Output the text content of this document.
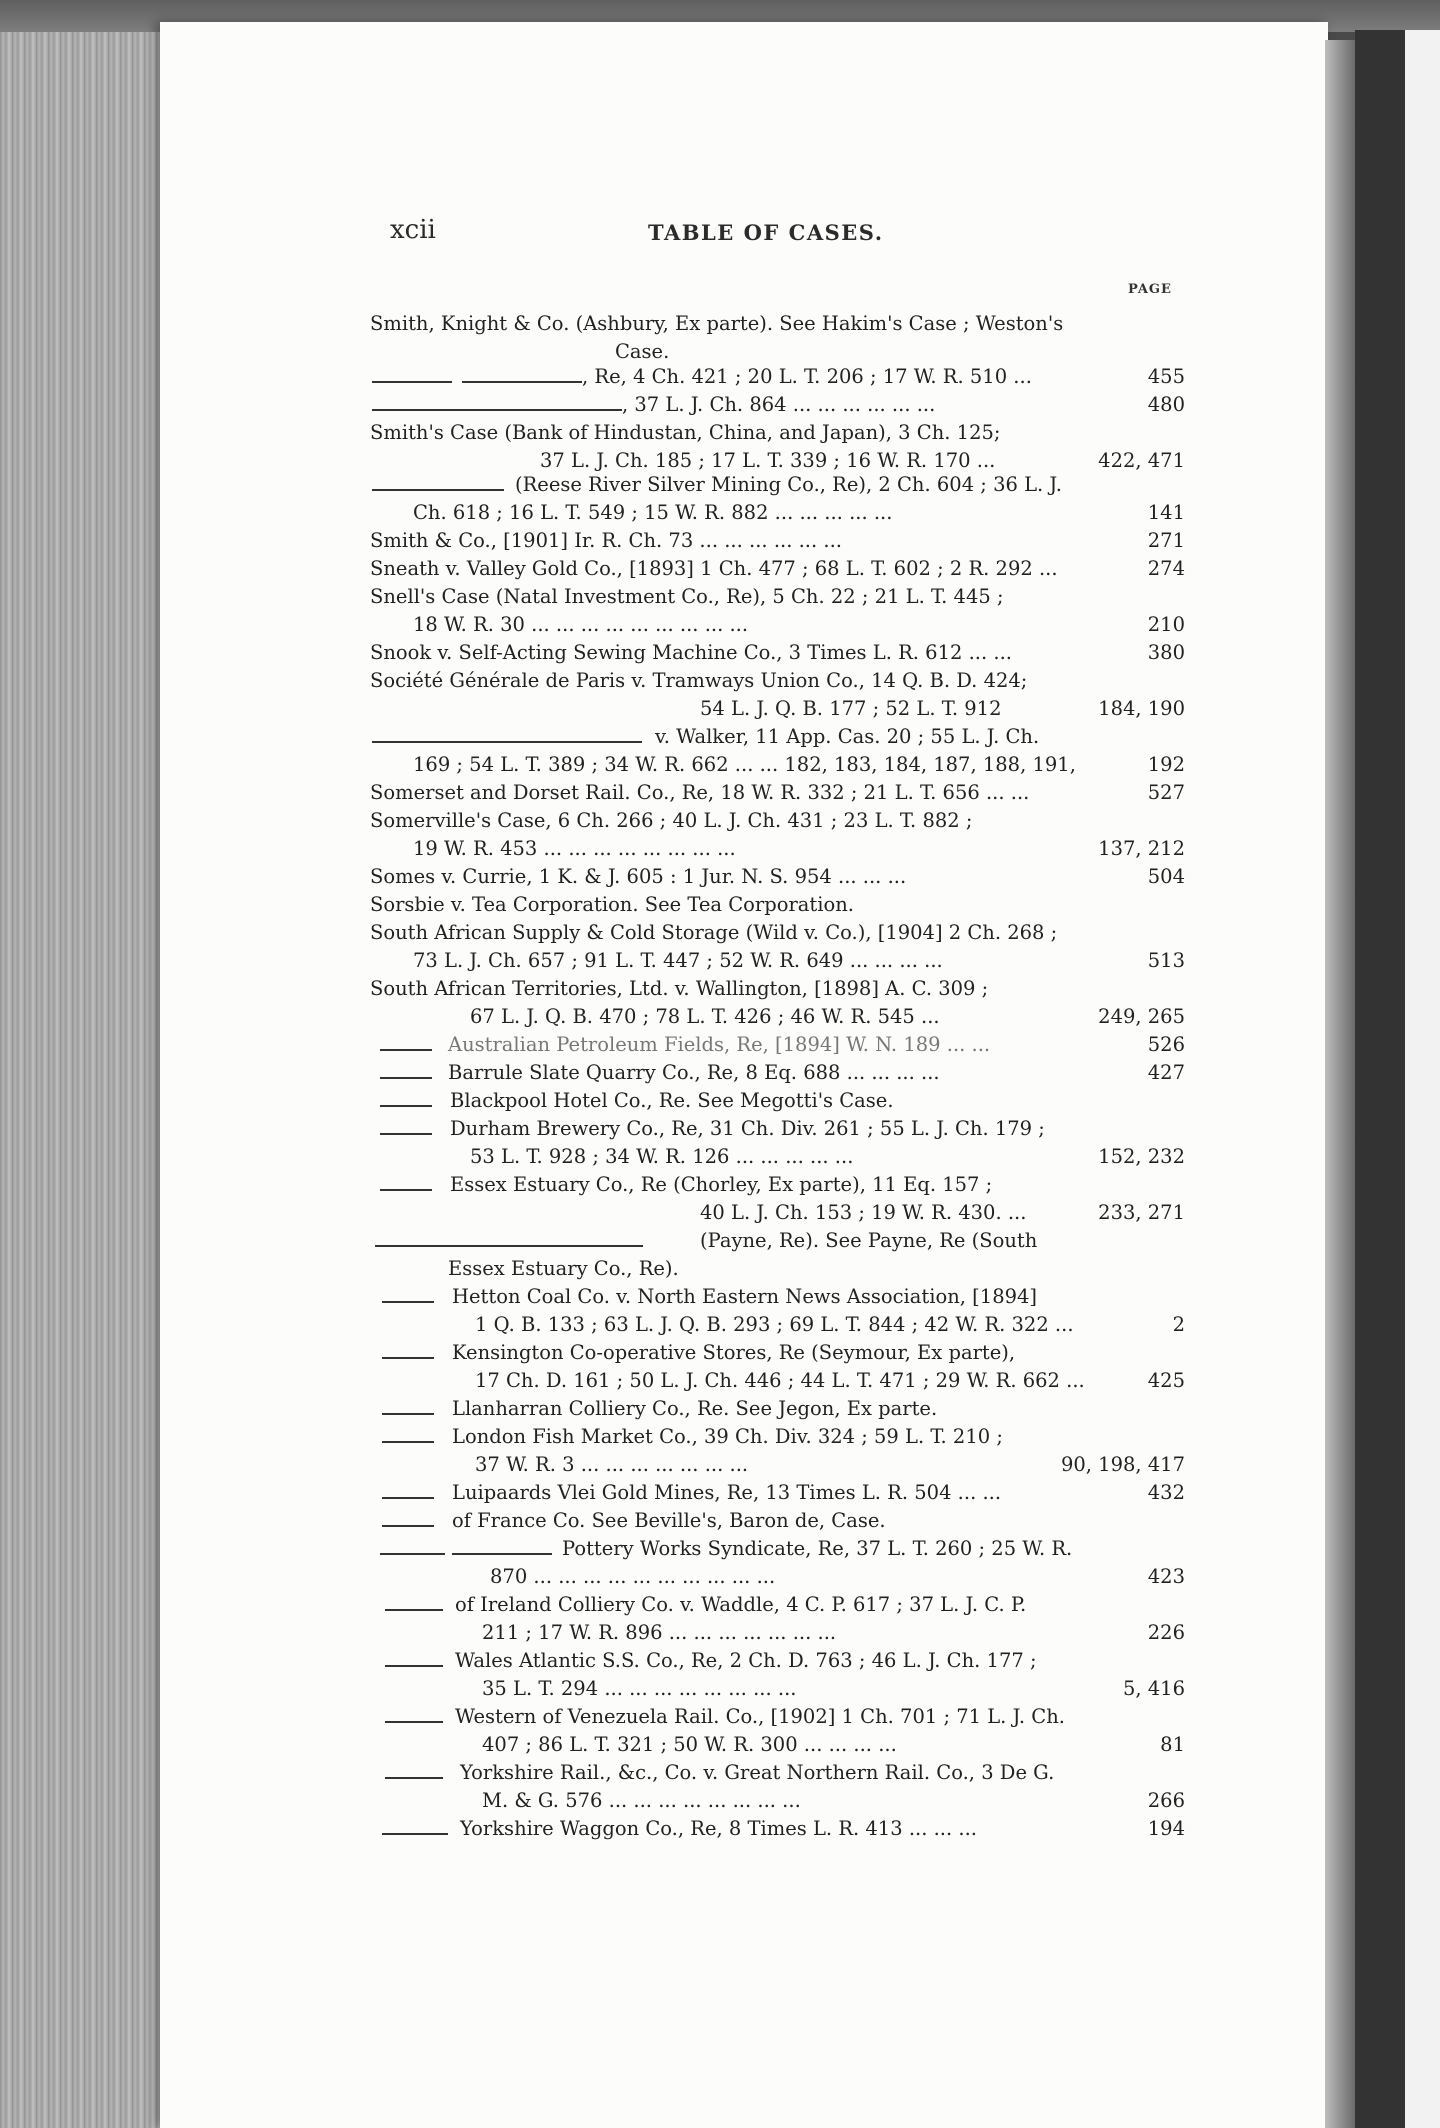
xcii	TABLE OF CASES.
PAGE
Smith, Knight & Co. (Ashbury, Ex parte). See Hakim's Case ; Weston's
Case.
, Re, 4 Ch. 421 ; 20 L. T. 206 ; 17 W. R. 510 ...	455
, 37 L. J. Ch. 864 ... ... ... ... ... ...	480
Smith's Case (Bank of Hindustan, China, and Japan), 3 Ch. 125;
37 L. J. Ch. 185 ; 17 L. T. 339 ; 16 W. R. 170 ...	422, 471
(Reese River Silver Mining Co., Re), 2 Ch. 604 ; 36 L. J.
Ch. 618 ; 16 L. T. 549 ; 15 W. R. 882 ... ... ... ... ...	141
Smith & Co., [1901] Ir. R. Ch. 73 ... ... ... ... ... ...	271
Sneath v. Valley Gold Co., [1893] 1 Ch. 477 ; 68 L. T. 602 ; 2 R. 292 ...	274
Snell's Case (Natal Investment Co., Re), 5 Ch. 22 ; 21 L. T. 445 ;
18 W. R. 30 ... ... ... ... ... ... ... ... ...	210
Snook v. Self-Acting Sewing Machine Co., 3 Times L. R. 612 ... ...	380
Société Générale de Paris v. Tramways Union Co., 14 Q. B. D. 424;
54 L. J. Q. B. 177 ; 52 L. T. 912	184, 190
v. Walker, 11 App. Cas. 20 ; 55 L. J. Ch.
169 ; 54 L. T. 389 ; 34 W. R. 662 ... ... 182, 183, 184, 187, 188, 191,	192
Somerset and Dorset Rail. Co., Re, 18 W. R. 332 ; 21 L. T. 656 ... ...	527
Somerville's Case, 6 Ch. 266 ; 40 L. J. Ch. 431 ; 23 L. T. 882 ;
19 W. R. 453 ... ... ... ... ... ... ... ...	137, 212
Somes v. Currie, 1 K. & J. 605 : 1 Jur. N. S. 954 ... ... ...	504
Sorsbie v. Tea Corporation. See Tea Corporation.
South African Supply & Cold Storage (Wild v. Co.), [1904] 2 Ch. 268 ;
73 L. J. Ch. 657 ; 91 L. T. 447 ; 52 W. R. 649 ... ... ... ...	513
South African Territories, Ltd. v. Wallington, [1898] A. C. 309 ;
67 L. J. Q. B. 470 ; 78 L. T. 426 ; 46 W. R. 545 ...	249, 265
Australian Petroleum Fields, Re, [1894] W. N. 189 ... ...	526
Barrule Slate Quarry Co., Re, 8 Eq. 688 ... ... ... ...	427
Blackpool Hotel Co., Re. See Megotti's Case.
Durham Brewery Co., Re, 31 Ch. Div. 261 ; 55 L. J. Ch. 179 ;
53 L. T. 928 ; 34 W. R. 126 ... ... ... ... ...	152, 232
Essex Estuary Co., Re (Chorley, Ex parte), 11 Eq. 157 ;
40 L. J. Ch. 153 ; 19 W. R. 430. ...	233, 271
(Payne, Re). See Payne, Re (South
Essex Estuary Co., Re).
Hetton Coal Co. v. North Eastern News Association, [1894]
1 Q. B. 133 ; 63 L. J. Q. B. 293 ; 69 L. T. 844 ; 42 W. R. 322 ...	2
Kensington Co-operative Stores, Re (Seymour, Ex parte),
17 Ch. D. 161 ; 50 L. J. Ch. 446 ; 44 L. T. 471 ; 29 W. R. 662 ...	425
Llanharran Colliery Co., Re. See Jegon, Ex parte.
London Fish Market Co., 39 Ch. Div. 324 ; 59 L. T. 210 ;
37 W. R. 3 ... ... ... ... ... ... ...	90, 198, 417
Luipaards Vlei Gold Mines, Re, 13 Times L. R. 504 ... ...	432
of France Co. See Beville's, Baron de, Case.
Pottery Works Syndicate, Re, 37 L. T. 260 ; 25 W. R.
870 ... ... ... ... ... ... ... ... ... ...	423
of Ireland Colliery Co. v. Waddle, 4 C. P. 617 ; 37 L. J. C. P.
211 ; 17 W. R. 896 ... ... ... ... ... ... ...	226
Wales Atlantic S.S. Co., Re, 2 Ch. D. 763 ; 46 L. J. Ch. 177 ;
35 L. T. 294 ... ... ... ... ... ... ... ...	5, 416
Western of Venezuela Rail. Co., [1902] 1 Ch. 701 ; 71 L. J. Ch.
407 ; 86 L. T. 321 ; 50 W. R. 300 ... ... ... ...	81
Yorkshire Rail., &c., Co. v. Great Northern Rail. Co., 3 De G.
M. & G. 576 ... ... ... ... ... ... ... ...	266
Yorkshire Waggon Co., Re, 8 Times L. R. 413 ... ... ...	194
